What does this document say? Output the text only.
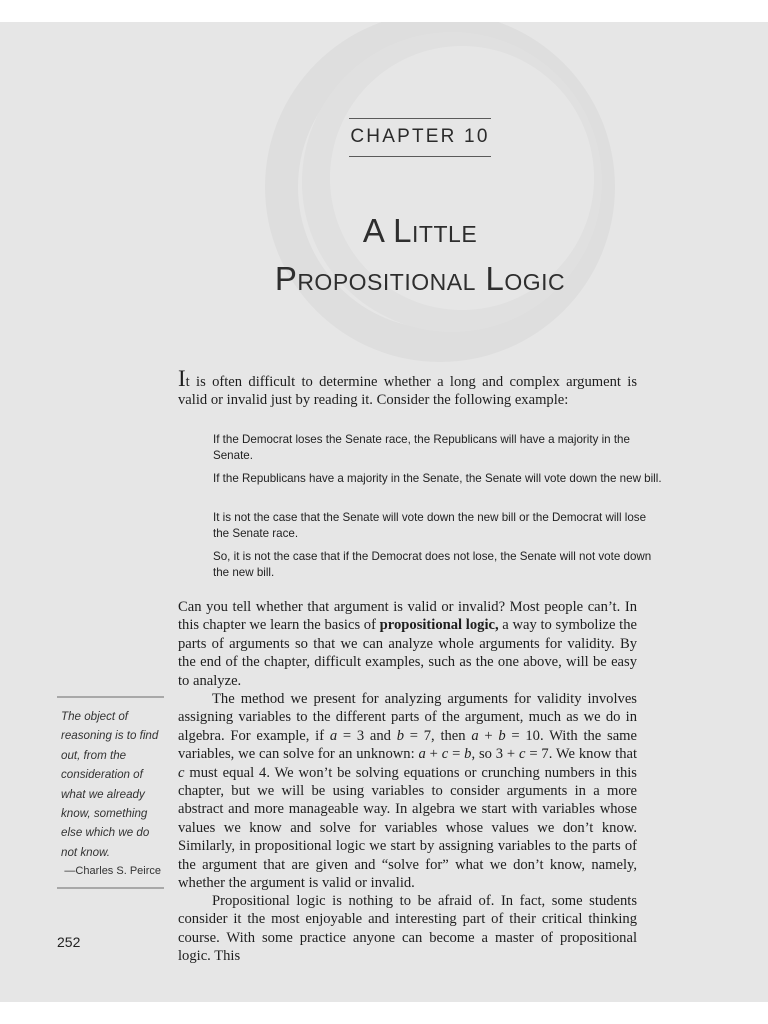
CHAPTER 10
A Little
Propositional Logic
It is often difficult to determine whether a long and complex argument is valid or invalid just by reading it. Consider the following example:
If the Democrat loses the Senate race, the Republicans will have a majority in the Senate.
If the Republicans have a majority in the Senate, the Senate will vote down the new bill.
It is not the case that the Senate will vote down the new bill or the Democrat will lose the Senate race.
So, it is not the case that if the Democrat does not lose, the Senate will not vote down the new bill.
Can you tell whether that argument is valid or invalid? Most people can’t. In this chapter we learn the basics of propositional logic, a way to symbolize the parts of arguments so that we can analyze whole arguments for validity. By the end of the chapter, difficult examples, such as the one above, will be easy to analyze.
The method we present for analyzing arguments for validity involves assigning variables to the different parts of the argument, much as we do in algebra. For example, if a = 3 and b = 7, then a + b = 10. With the same variables, we can solve for an unknown: a + c = b, so 3 + c = 7. We know that c must equal 4. We won’t be solving equations or crunching numbers in this chapter, but we will be using variables to consider arguments in a more abstract and more manageable way. In algebra we start with variables whose values we know and solve for variables whose values we don’t know. Similarly, in propositional logic we start by assigning variables to the parts of the argument that are given and “solve for” what we don’t know, namely, whether the argument is valid or invalid.
Propositional logic is nothing to be afraid of. In fact, some students consider it the most enjoyable and interesting part of their critical thinking course. With some practice anyone can become a master of propositional logic. This
The object of reasoning is to find out, from the consideration of what we already know, something else which we do not know.
—Charles S. Peirce
252
